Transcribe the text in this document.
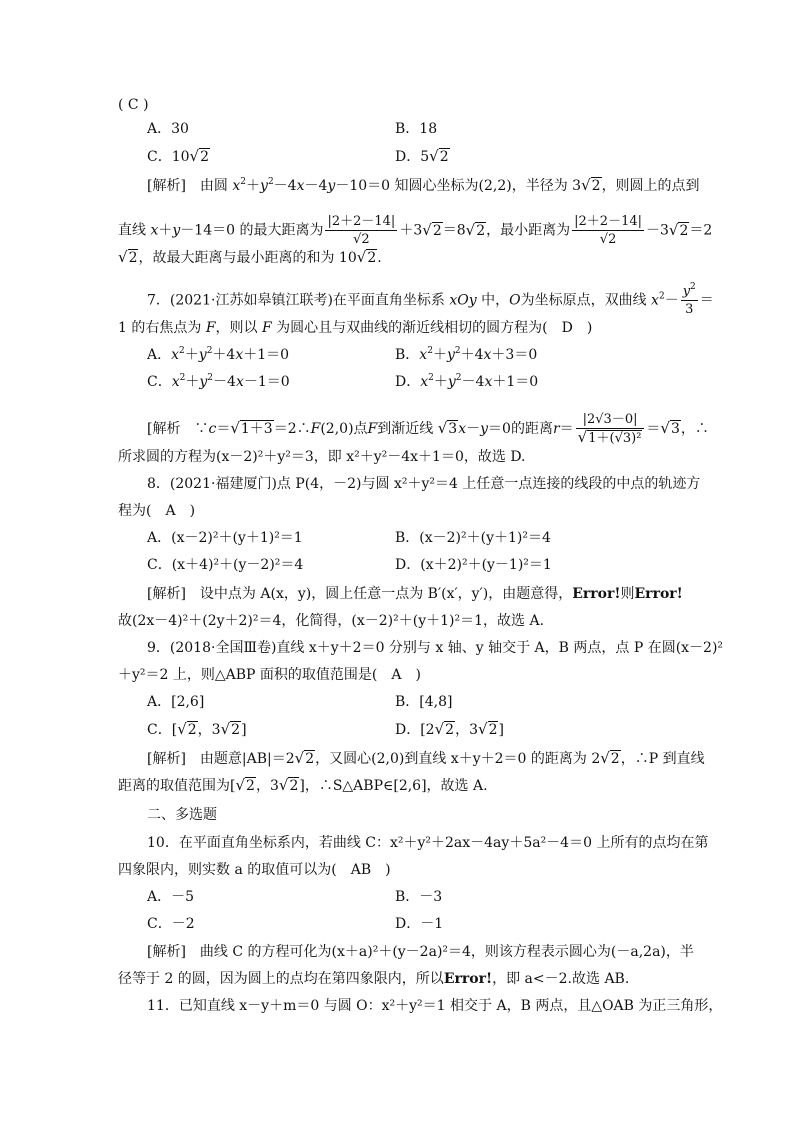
( C )
A．30	B．18
C．10√2	D．5√2
[解析]　由圆 $x^2+y^2-4x-4y-10=0$ 知圆心坐标为(2,2)，半径为 3√2，则圆上的点到
直线 x＋y－14＝0 的最大距离为 $\frac{|2+2-14|}{√2} +3√2=8√2$，最小距离为 $\frac{|2+2-14|}{√2} -3√2=2$
√2，故最大距离与最小距离的和为 10√2.
7．(2021·江苏如皋镇江联考)在平面直角坐标系 xOy 中，O为坐标原点，双曲线 $x^2- \frac{y^2}{3}$ ＝
1 的右焦点为 F，则以 F 为圆心且与双曲线的渐近线相切的圆方程为(　D　)
A．$x^2+y^2+4x+1=0$	B．$x^2+y^2+4x+3=0$
C．$x^2+y^2-4x-1=0$	D．$x^2+y^2-4x+1=0$
[解析　∵c＝√1＋3＝2∴F(2,0)点F到渐近线 √3x－y＝0的距离$r= \frac{|2√3-0|}{\text{√1＋(√3)²}} =√3$，∴
所求圆的方程为(x－2)²＋y²＝3，即 x²＋y²－4x＋1＝0，故选 D.
8．(2021·福建厦门)点 P(4，－2)与圆 x²＋y²＝4 上任意一点连接的线段的中点的轨迹方
程为(　A　)
A．(x－2)²＋(y＋1)²＝1	B．(x－2)²＋(y＋1)²＝4
C．(x＋4)²＋(y－2)²＝4	D．(x＋2)²＋(y－1)²＝1
[解析]　设中点为 A(x，y)，圆上任意一点为 B′(x′，y′)，由题意得，Error!则Error!
故(2x－4)²＋(2y＋2)²＝4，化简得，(x－2)²＋(y＋1)²＝1，故选 A.
9．(2018·全国Ⅲ卷)直线 x＋y＋2＝0 分别与 x 轴、y 轴交于 A，B 两点，点 P 在圆(x－2)²
＋y²＝2 上，则△ABP 面积的取值范围是(　A　)
A．[2,6]	B．[4,8]
C．[√2，3√2]	D．[2√2，3√2]
[解析]　由题意|AB|＝2√2，又圆心(2,0)到直线 x＋y＋2＝0 的距离为 2√2，∴P 到直线
距离的取值范围为[√2，3√2]，∴S△ABP∈[2,6]，故选 A.
二、多选题
10．在平面直角坐标系内，若曲线 C：x²＋y²＋2ax－4ay＋5a²－4＝0 上所有的点均在第
四象限内，则实数 a 的取值可以为(　AB　)
A．－5	B．－3
C．－2	D．－1
[解析]　曲线 C 的方程可化为(x＋a)²＋(y－2a)²＝4，则该方程表示圆心为(－a,2a)，半
径等于 2 的圆，因为圆上的点均在第四象限内，所以Error!，即 a<－2.故选 AB.
11．已知直线 x－y＋m＝0 与圆 O：x²＋y²＝1 相交于 A，B 两点，且△OAB 为正三角形，
